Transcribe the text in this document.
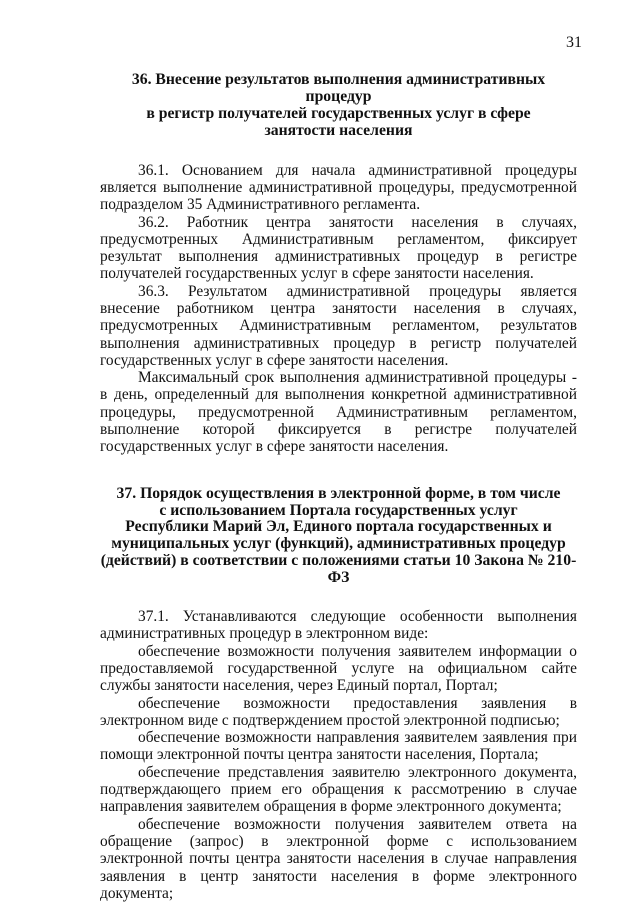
31
36. Внесение результатов выполнения административных процедур
в регистр получателей государственных услуг в сфере
занятости населения

36.1. Основанием для начала административной процедуры является выполнение административной процедуры, предусмотренной подразделом 35 Административного регламента.

36.2. Работник центра занятости населения в случаях, предусмотренных Административным регламентом, фиксирует результат выполнения административных процедур в регистре получателей государственных услуг в сфере занятости населения.

36.3. Результатом административной процедуры является внесение работником центра занятости населения в случаях, предусмотренных Административным регламентом, результатов выполнения административных процедур в регистр получателей государственных услуг в сфере занятости населения.

Максимальный срок выполнения административной процедуры - в день, определенный для выполнения конкретной административной процедуры, предусмотренной Административным регламентом, выполнение которой фиксируется в регистре получателей государственных услуг в сфере занятости населения.

37. Порядок осуществления в электронной форме, в том числе
с использованием Портала государственных услуг
Республики Марий Эл, Единого портала государственных и
муниципальных услуг (функций), административных процедур
(действий) в соответствии с положениями статьи 10 Закона № 210-ФЗ

37.1. Устанавливаются следующие особенности выполнения административных процедур в электронном виде:

обеспечение возможности получения заявителем информации о предоставляемой государственной услуге на официальном сайте службы занятости населения, через Единый портал, Портал;

обеспечение возможности предоставления заявления в электронном виде с подтверждением простой электронной подписью;

обеспечение возможности направления заявителем заявления при помощи электронной почты центра занятости населения, Портала;

обеспечение представления заявителю электронного документа, подтверждающего прием его обращения к рассмотрению в случае направления заявителем обращения в форме электронного документа;

обеспечение возможности получения заявителем ответа на обращение (запрос) в электронной форме с использованием электронной почты центра занятости населения в случае направления заявления в центр занятости населения в форме электронного документа;
